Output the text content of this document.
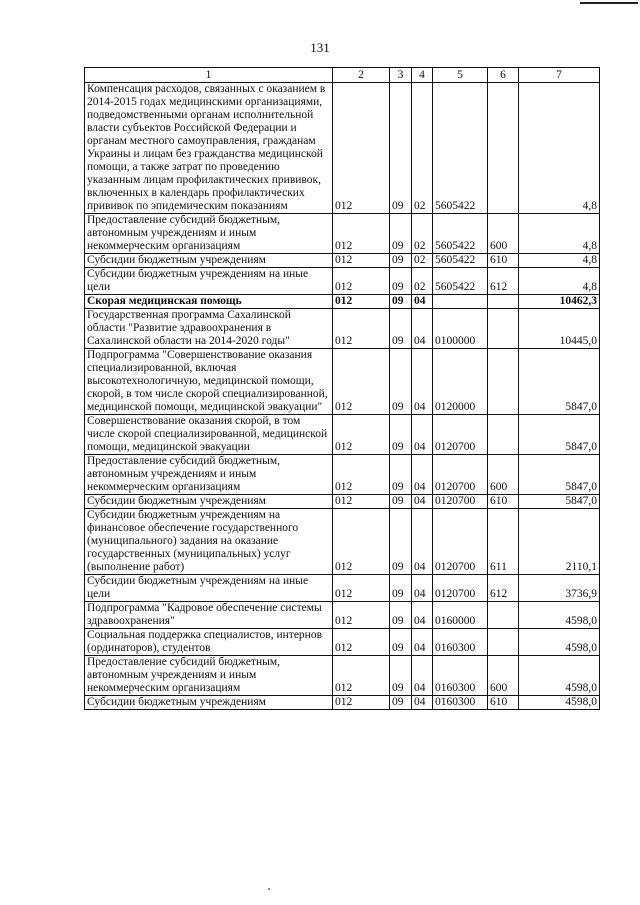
131
1	2	3	4	5	6	7
Компенсация расходов, связанных с оказанием в 2014-2015 годах медицинскими организациями, подведомственными органам исполнительной власти субъектов Российской Федерации и органам местного самоуправления, гражданам Украины и лицам без гражданства медицинской помощи, а также затрат по проведению указанным лицам профилактических прививок, включенных в календарь профилактических прививок по эпидемическим показаниям	012	09	02	5605422		4,8
Предоставление субсидий бюджетным, автономным учреждениям и иным некоммерческим организациям	012	09	02	5605422	600	4,8
Субсидии бюджетным учреждениям	012	09	02	5605422	610	4,8
Субсидии бюджетным учреждениям на иные цели	012	09	02	5605422	612	4,8
Скорая медицинская помощь	012	09	04			10462,3
Государственная программа Сахалинской области "Развитие здравоохранения в Сахалинской области на 2014-2020 годы"	012	09	04	0100000		10445,0
Подпрограмма "Совершенствование оказания специализированной, включая высокотехнологичную, медицинской помощи, скорой, в том числе скорой специализированной, медицинской помощи, медицинской эвакуации"	012	09	04	0120000		5847,0
Совершенствование оказания скорой, в том числе скорой специализированной, медицинской помощи, медицинской эвакуации	012	09	04	0120700		5847,0
Предоставление субсидий бюджетным, автономным учреждениям и иным некоммерческим организациям	012	09	04	0120700	600	5847,0
Субсидии бюджетным учреждениям	012	09	04	0120700	610	5847,0
Субсидии бюджетным учреждениям на финансовое обеспечение государственного (муниципального) задания на оказание государственных (муниципальных) услуг (выполнение работ)	012	09	04	0120700	611	2110,1
Субсидии бюджетным учреждениям на иные цели	012	09	04	0120700	612	3736,9
Подпрограмма "Кадровое обеспечение системы здравоохранения"	012	09	04	0160000		4598,0
Социальная поддержка специалистов, интернов (ординаторов), студентов	012	09	04	0160300		4598,0
Предоставление субсидий бюджетным, автономным учреждениям и иным некоммерческим организациям	012	09	04	0160300	600	4598,0
Субсидии бюджетным учреждениям	012	09	04	0160300	610	4598,0
